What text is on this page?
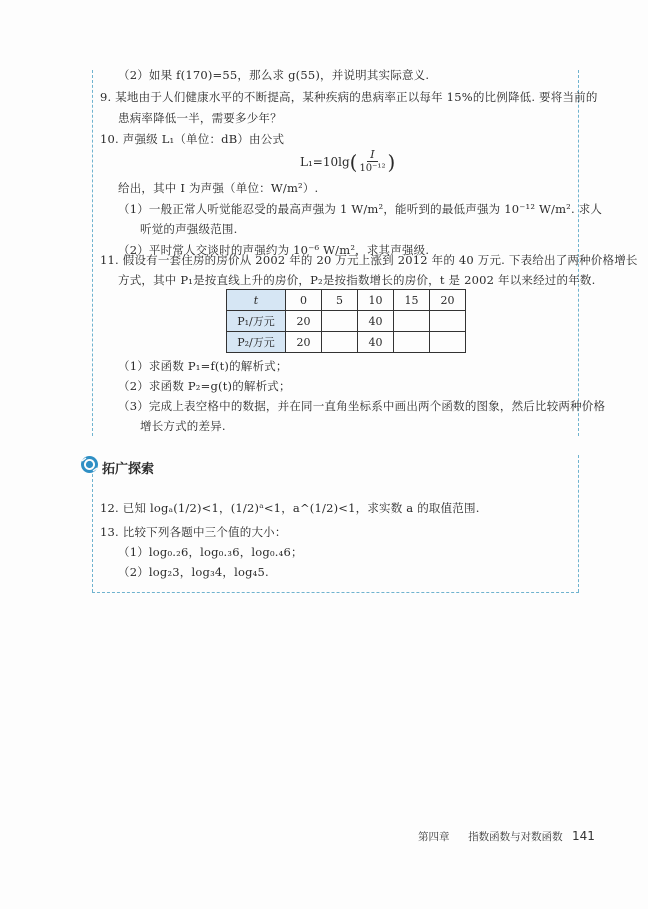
（2）如果 f(170)=55，那么求 g(55)，并说明其实际意义.
9. 某地由于人们健康水平的不断提高，某种疾病的患病率正以每年 15%的比例降低. 要将当前的
患病率降低一半，需要多少年？
10. 声强级 L₁（单位：dB）由公式
L₁=10lg ( $\frac{I}{\text{10⁻¹²}}$ )
给出，其中 I 为声强（单位：W/m²）.
（1）一般正常人听觉能忍受的最高声强为 1 W/m²，能听到的最低声强为 10⁻¹² W/m². 求人
听觉的声强级范围.
（2）平时常人交谈时的声强约为 10⁻⁶ W/m²，求其声强级.
11. 假设有一套住房的房价从 2002 年的 20 万元上涨到 2012 年的 40 万元. 下表给出了两种价格增长
方式，其中 P₁是按直线上升的房价，P₂是按指数增长的房价，t 是 2002 年以来经过的年数.
t	0	5	10	15	20
P₁/万元	20		40		
P₂/万元	20		40		
（1）求函数 P₁=f(t)的解析式；
（2）求函数 P₂=g(t)的解析式；
（3）完成上表空格中的数据，并在同一直角坐标系中画出两个函数的图象，然后比较两种价格
增长方式的差异.
拓广探索
12. 已知 logₐ(1/2)<1，(1/2)ᵃ<1，a^(1/2)<1，求实数 a 的取值范围.
13. 比较下列各题中三个值的大小：
（1）log₀.₂6，log₀.₃6，log₀.₄6；
（2）log₂3，log₃4，log₄5.
第四章 指数函数与对数函数 141
